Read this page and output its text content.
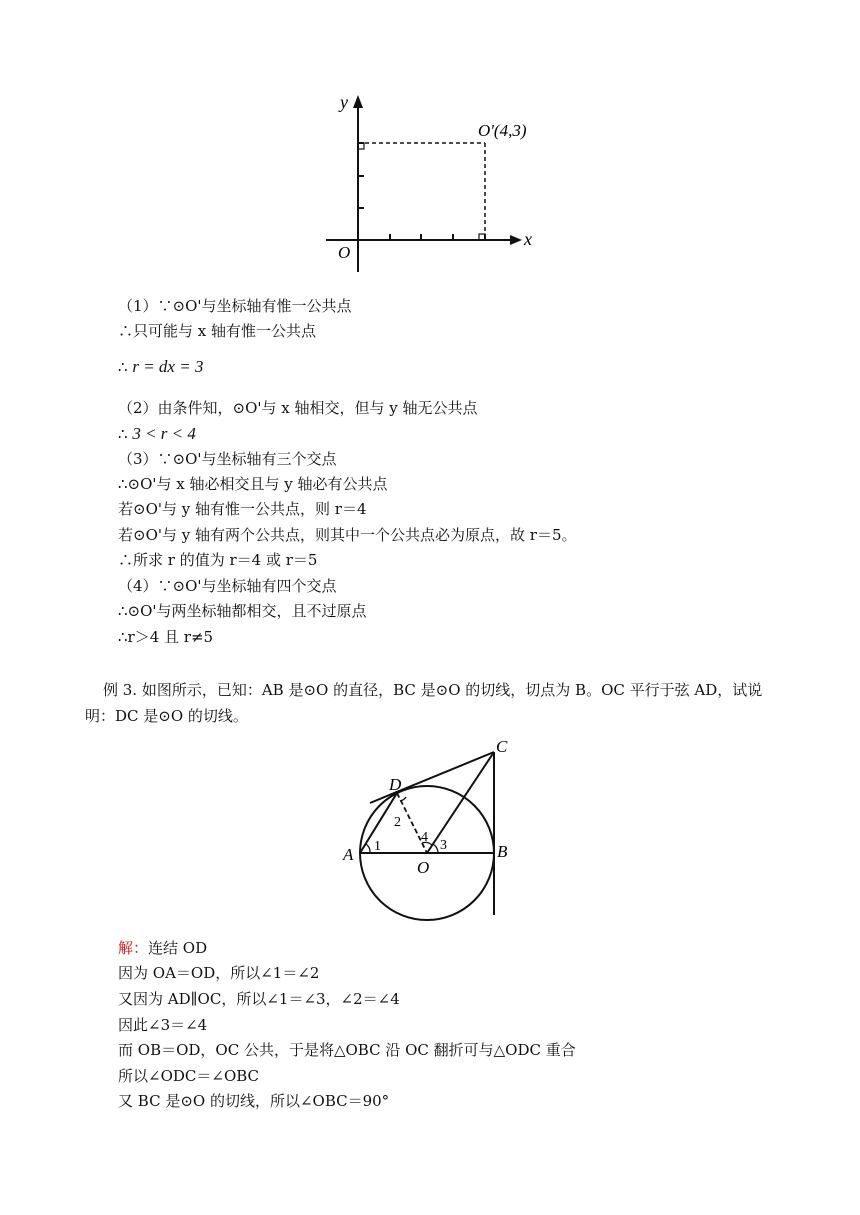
y
x
O
O'(4,3)
（1）∵⊙O'与坐标轴有惟一公共点
∴只可能与 x 轴有惟一公共点
∴ r = dx = 3
（2）由条件知，⊙O'与 x 轴相交，但与 y 轴无公共点
∴ 3 < r < 4
（3）∵⊙O'与坐标轴有三个交点
∴⊙O'与 x 轴必相交且与 y 轴必有公共点
若⊙O'与 y 轴有惟一公共点，则 r＝4
若⊙O'与 y 轴有两个公共点，则其中一个公共点必为原点，故 r＝5。
∴所求 r 的值为 r＝4 或 r＝5
（4）∵⊙O'与坐标轴有四个交点
∴⊙O'与两坐标轴都相交，且不过原点
∴r＞4 且 r≠5
例 3. 如图所示，已知：AB 是⊙O 的直径，BC 是⊙O 的切线，切点为 B。OC 平行于弦 AD，试说明：DC 是⊙O 的切线。
C
D
A	B
O
1
2
4
3
解：连结 OD
因为 OA＝OD，所以∠1＝∠2
又因为 AD∥OC，所以∠1＝∠3，∠2＝∠4
因此∠3＝∠4
而 OB＝OD，OC 公共，于是将△OBC 沿 OC 翻折可与△ODC 重合
所以∠ODC＝∠OBC
又 BC 是⊙O 的切线，所以∠OBC＝90°
